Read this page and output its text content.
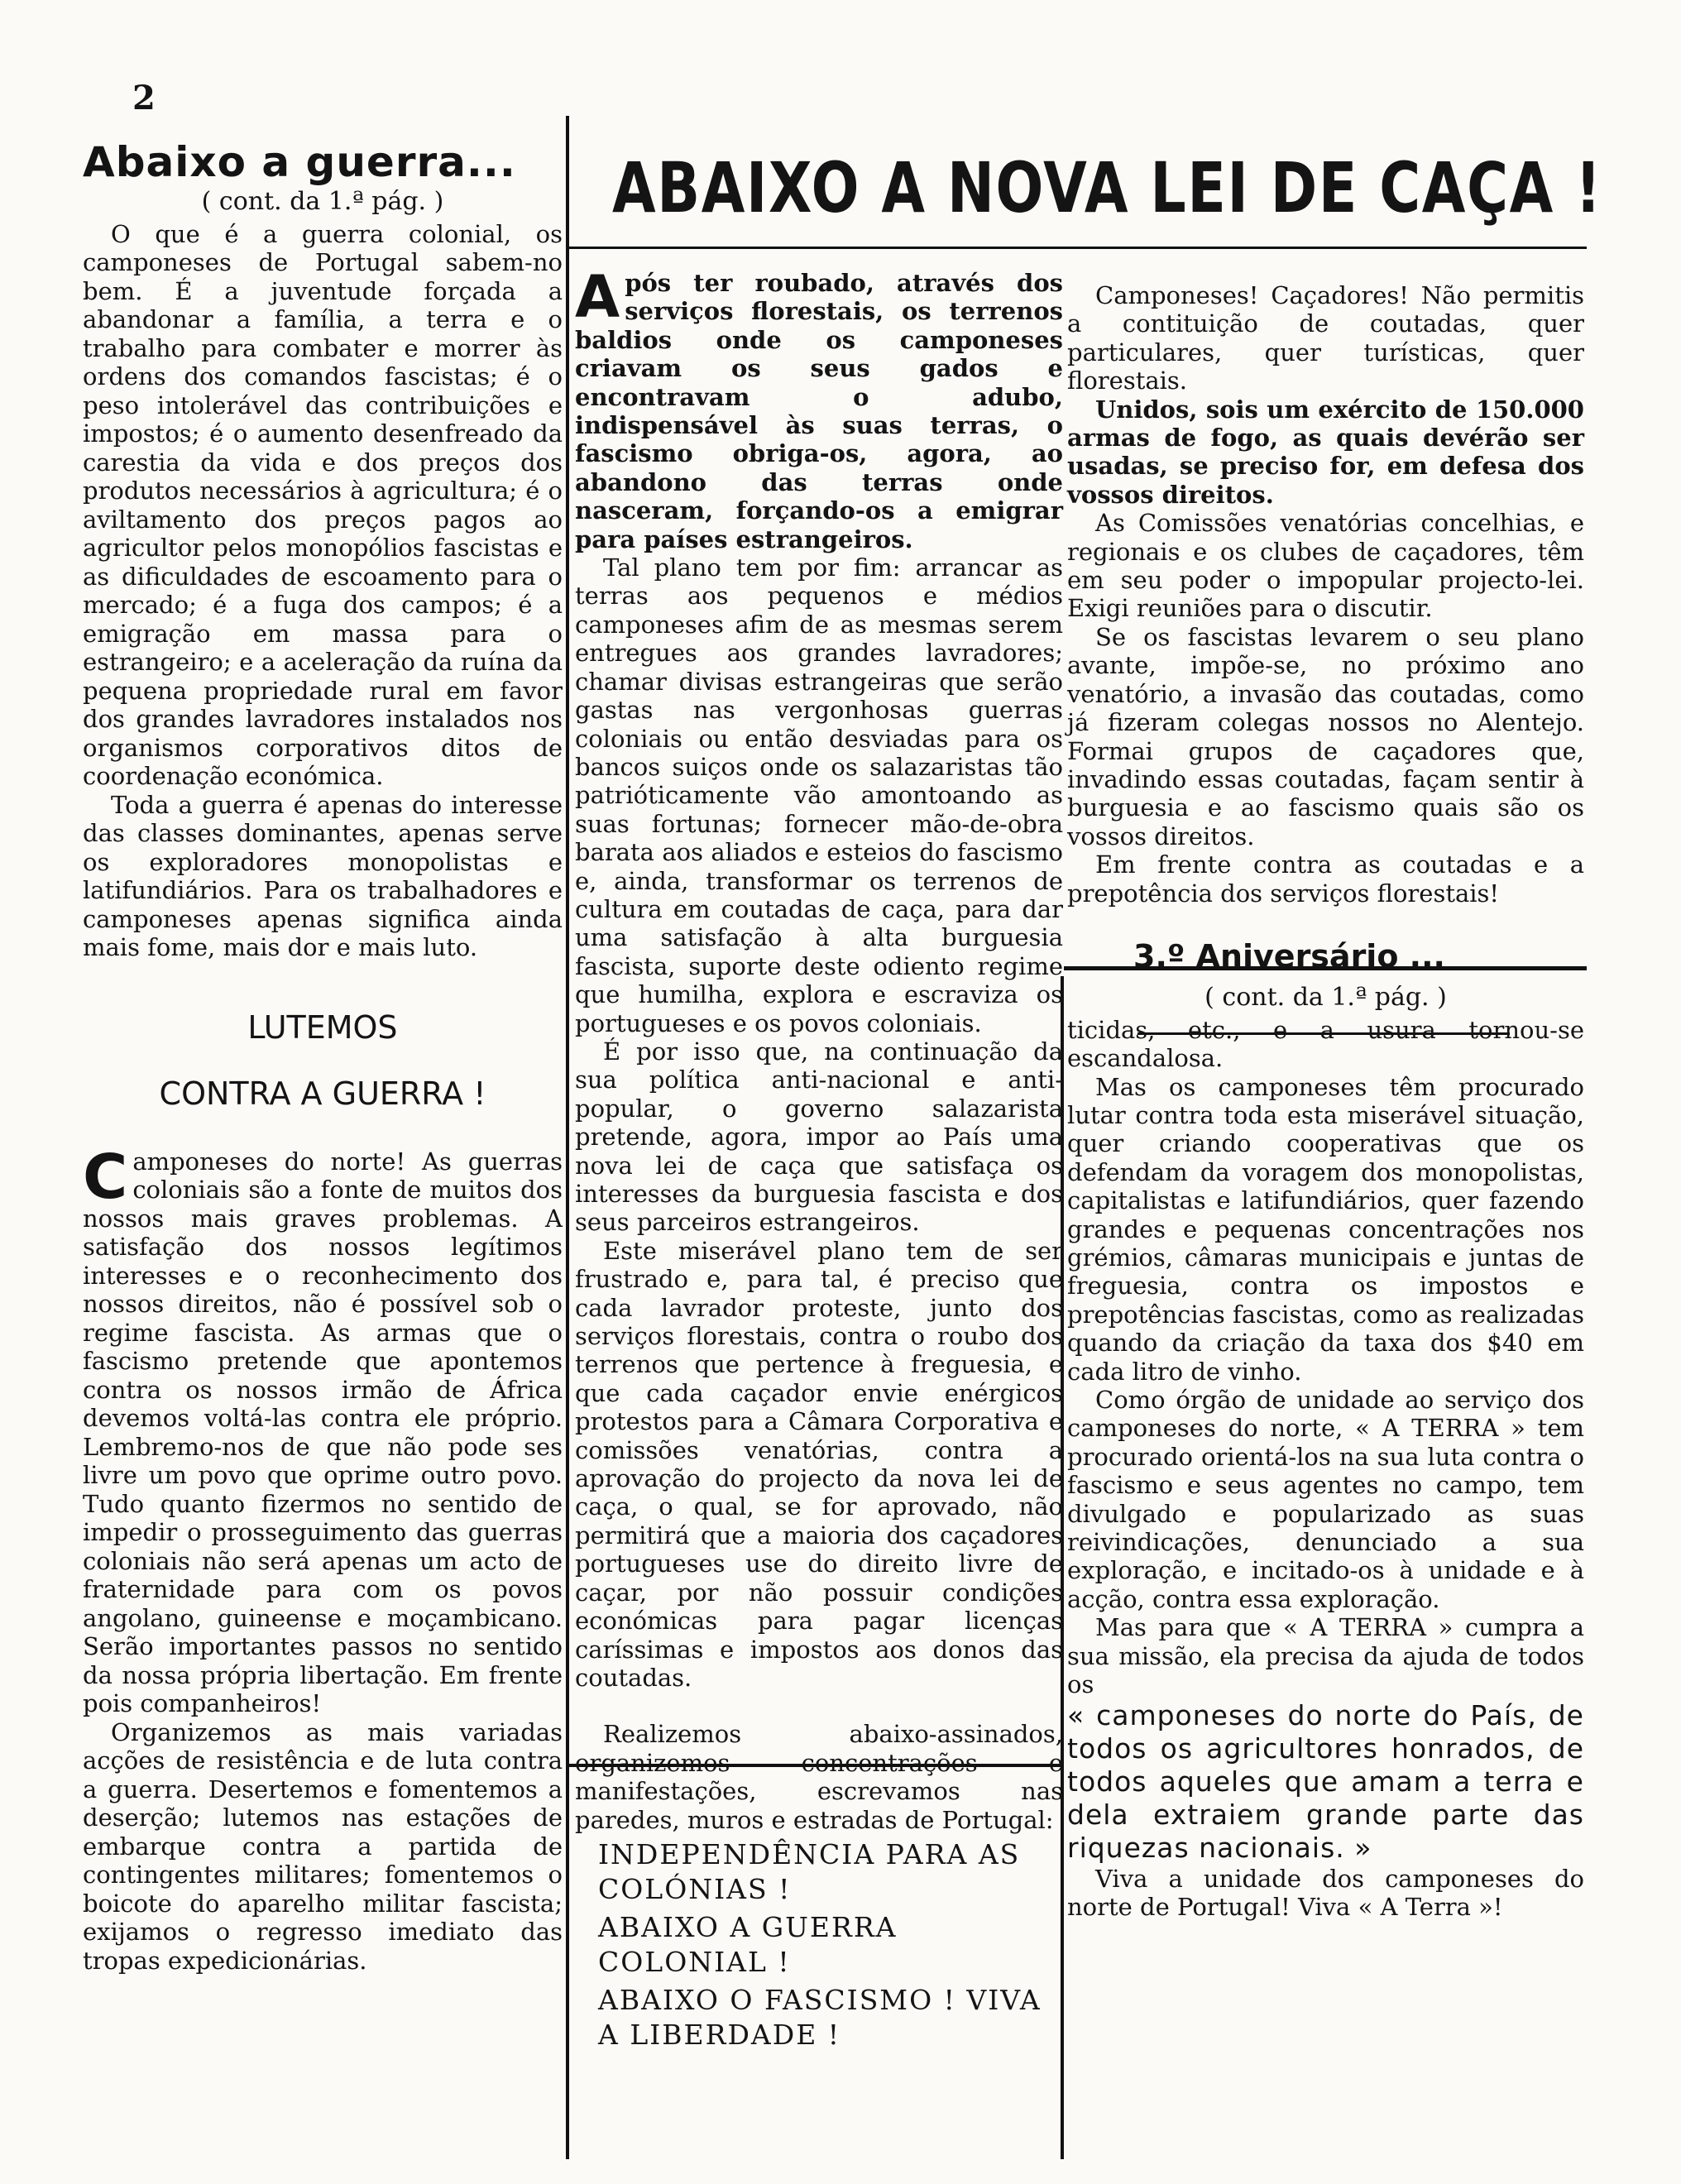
2
ABAIXO A NOVA LEI DE CAÇA !

Abaixo a guerra...

( cont. da 1.ª pág. )

O que é a guerra colonial, os camponeses de Portugal sabem-no bem. É a juventude forçada a abandonar a família, a terra e o trabalho para combater e morrer às ordens dos comandos fascistas; é o peso intolerável das contribuições e impostos; é o aumento desenfreado da carestia da vida e dos preços dos produtos necessários à agricultura; é o aviltamento dos preços pagos ao agricultor pelos monopólios fascistas e as dificuldades de escoamento para o mercado; é a fuga dos campos; é a emigração em massa para o estrangeiro; e a aceleração da ruína da pequena propriedade rural em favor dos grandes lavradores instalados nos organismos corporativos ditos de coordenação económica.

Toda a guerra é apenas do interesse das classes dominantes, apenas serve os exploradores monopolistas e latifundiários. Para os trabalhadores e camponeses apenas significa ainda mais fome, mais dor e mais luto.

LUTEMOS

CONTRA A GUERRA !

Camponeses do norte! As guerras coloniais são a fonte de muitos dos nossos mais graves problemas. A satisfação dos nossos legítimos interesses e o reconhecimento dos nossos direitos, não é possível sob o regime fascista. As armas que o fascismo pretende que apontemos contra os nossos irmão de África devemos voltá-las contra ele próprio. Lembremo-nos de que não pode ses livre um povo que oprime outro povo. Tudo quanto fizermos no sentido de impedir o prosseguimento das guerras coloniais não será apenas um acto de fraternidade para com os povos angolano, guineense e moçambicano. Serão importantes passos no sentido da nossa própria libertação. Em frente pois companheiros!

Organizemos as mais variadas acções de resistência e de luta contra a guerra. Desertemos e fomentemos a deserção; lutemos nas estações de embarque contra a partida de contingentes militares; fomentemos o boicote do aparelho militar fascista; exijamos o regresso imediato das tropas expedicionárias.

Após ter roubado, através dos serviços florestais, os terrenos baldios onde os camponeses criavam os seus gados e encontravam o adubo, indispensável às suas terras, o fascismo obriga-os, agora, ao abandono das terras onde nasceram, forçando-os a emigrar para países estrangeiros.

Tal plano tem por fim: arrancar as terras aos pequenos e médios camponeses afim de as mesmas serem entregues aos grandes lavradores; chamar divisas estrangeiras que serão gastas nas vergonhosas guerras coloniais ou então desviadas para os bancos suiços onde os salazaristas tão patrióticamente vão amontoando as suas fortunas; fornecer mão-de-obra barata aos aliados e esteios do fascismo e, ainda, transformar os terrenos de cultura em coutadas de caça, para dar uma satisfação à alta burguesia fascista, suporte deste odiento regime que humilha, explora e escraviza os portugueses e os povos coloniais.

É por isso que, na continuação da sua política anti-nacional e anti-popular, o governo salazarista pretende, agora, impor ao País uma nova lei de caça que satisfaça os interesses da burguesia fascista e dos seus parceiros estrangeiros.

Este miserável plano tem de ser frustrado e, para tal, é preciso que cada lavrador proteste, junto dos serviços florestais, contra o roubo dos terrenos que pertence à freguesia, e que cada caçador envie enérgicos protestos para a Câmara Corporativa e comissões venatórias, contra a aprovação do projecto da nova lei de caça, o qual, se for aprovado, não permitirá que a maioria dos caçadores portugueses use do direito livre de caçar, por não possuir condições económicas para pagar licenças caríssimas e impostos aos donos das coutadas.

Realizemos abaixo-assinados, organizemos concentrações e manifestações, escrevamos nas paredes, muros e estradas de Portugal:

INDEPENDÊNCIA PARA AS COLÓNIAS !

ABAIXO A GUERRA COLONIAL !

ABAIXO O FASCISMO ! VIVA A LIBERDADE !

Camponeses! Caçadores! Não permitis a contituição de coutadas, quer particulares, quer turísticas, quer florestais.

Unidos, sois um exército de 150.000 armas de fogo, as quais devérão ser usadas, se preciso for, em defesa dos vossos direitos.

As Comissões venatórias concelhias, e regionais e os clubes de caçadores, têm em seu poder o impopular projecto-lei. Exigi reuniões para o discutir.

Se os fascistas levarem o seu plano avante, impõe-se, no próximo ano venatório, a invasão das coutadas, como já fizeram colegas nossos no Alentejo. Formai grupos de caçadores que, invadindo essas coutadas, façam sentir à burguesia e ao fascismo quais são os vossos direitos.

Em frente contra as coutadas e a prepotência dos serviços florestais!

3.º Aniversário ...

( cont. da 1.ª pág. )

ticidas, etc., e a usura tornou-se escandalosa.

Mas os camponeses têm procurado lutar contra toda esta miserável situação, quer criando cooperativas que os defendam da voragem dos monopolistas, capitalistas e latifundiários, quer fazendo grandes e pequenas concentrações nos grémios, câmaras municipais e juntas de freguesia, contra os impostos e prepotências fascistas, como as realizadas quando da criação da taxa dos $40 em cada litro de vinho.

Como órgão de unidade ao serviço dos camponeses do norte, « A TERRA » tem procurado orientá-los na sua luta contra o fascismo e seus agentes no campo, tem divulgado e popularizado as suas reivindicações, denunciado a sua exploração, e incitado-os à unidade e à acção, contra essa exploração.

Mas para que « A TERRA » cumpra a sua missão, ela precisa da ajuda de todos os

« camponeses do norte do País, de todos os agricultores honrados, de todos aqueles que amam a terra e dela extraiem grande parte das riquezas nacionais. »

Viva a unidade dos camponeses do norte de Portugal! Viva « A Terra »!
